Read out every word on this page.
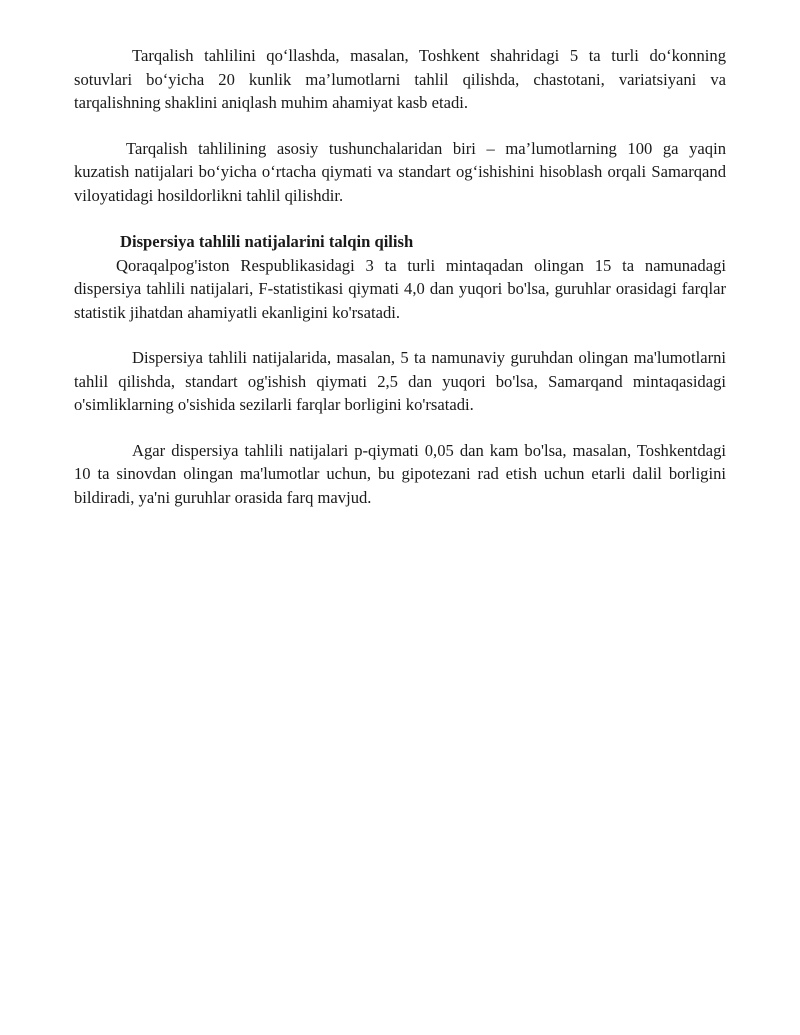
Tarqalish tahlilini qo‘llashda, masalan, Toshkent shahridagi 5 ta turli do‘konning sotuvlari bo‘yicha 20 kunlik ma’lumotlarni tahlil qilishda, chastotani, variatsiyani va tarqalishning shaklini aniqlash muhim ahamiyat kasb etadi.

Tarqalish tahlilining asosiy tushunchalaridan biri – ma’lumotlarning 100 ga yaqin kuzatish natijalari bo‘yicha o‘rtacha qiymati va standart og‘ishishini hisoblash orqali Samarqand viloyatidagi hosildorlikni tahlil qilishdir.

Dispersiya tahlili natijalarini talqin qilish

Qoraqalpog'iston Respublikasidagi 3 ta turli mintaqadan olingan 15 ta namunadagi dispersiya tahlili natijalari, F-statistikasi qiymati 4,0 dan yuqori bo'lsa, guruhlar orasidagi farqlar statistik jihatdan ahamiyatli ekanligini ko'rsatadi.

Dispersiya tahlili natijalarida, masalan, 5 ta namunaviy guruhdan olingan ma'lumotlarni tahlil qilishda, standart og'ishish qiymati 2,5 dan yuqori bo'lsa, Samarqand mintaqasidagi o'simliklarning o'sishida sezilarli farqlar borligini ko'rsatadi.

Agar dispersiya tahlili natijalari p-qiymati 0,05 dan kam bo'lsa, masalan, Toshkentdagi 10 ta sinovdan olingan ma'lumotlar uchun, bu gipotezani rad etish uchun etarli dalil borligini bildiradi, ya'ni guruhlar orasida farq mavjud.
